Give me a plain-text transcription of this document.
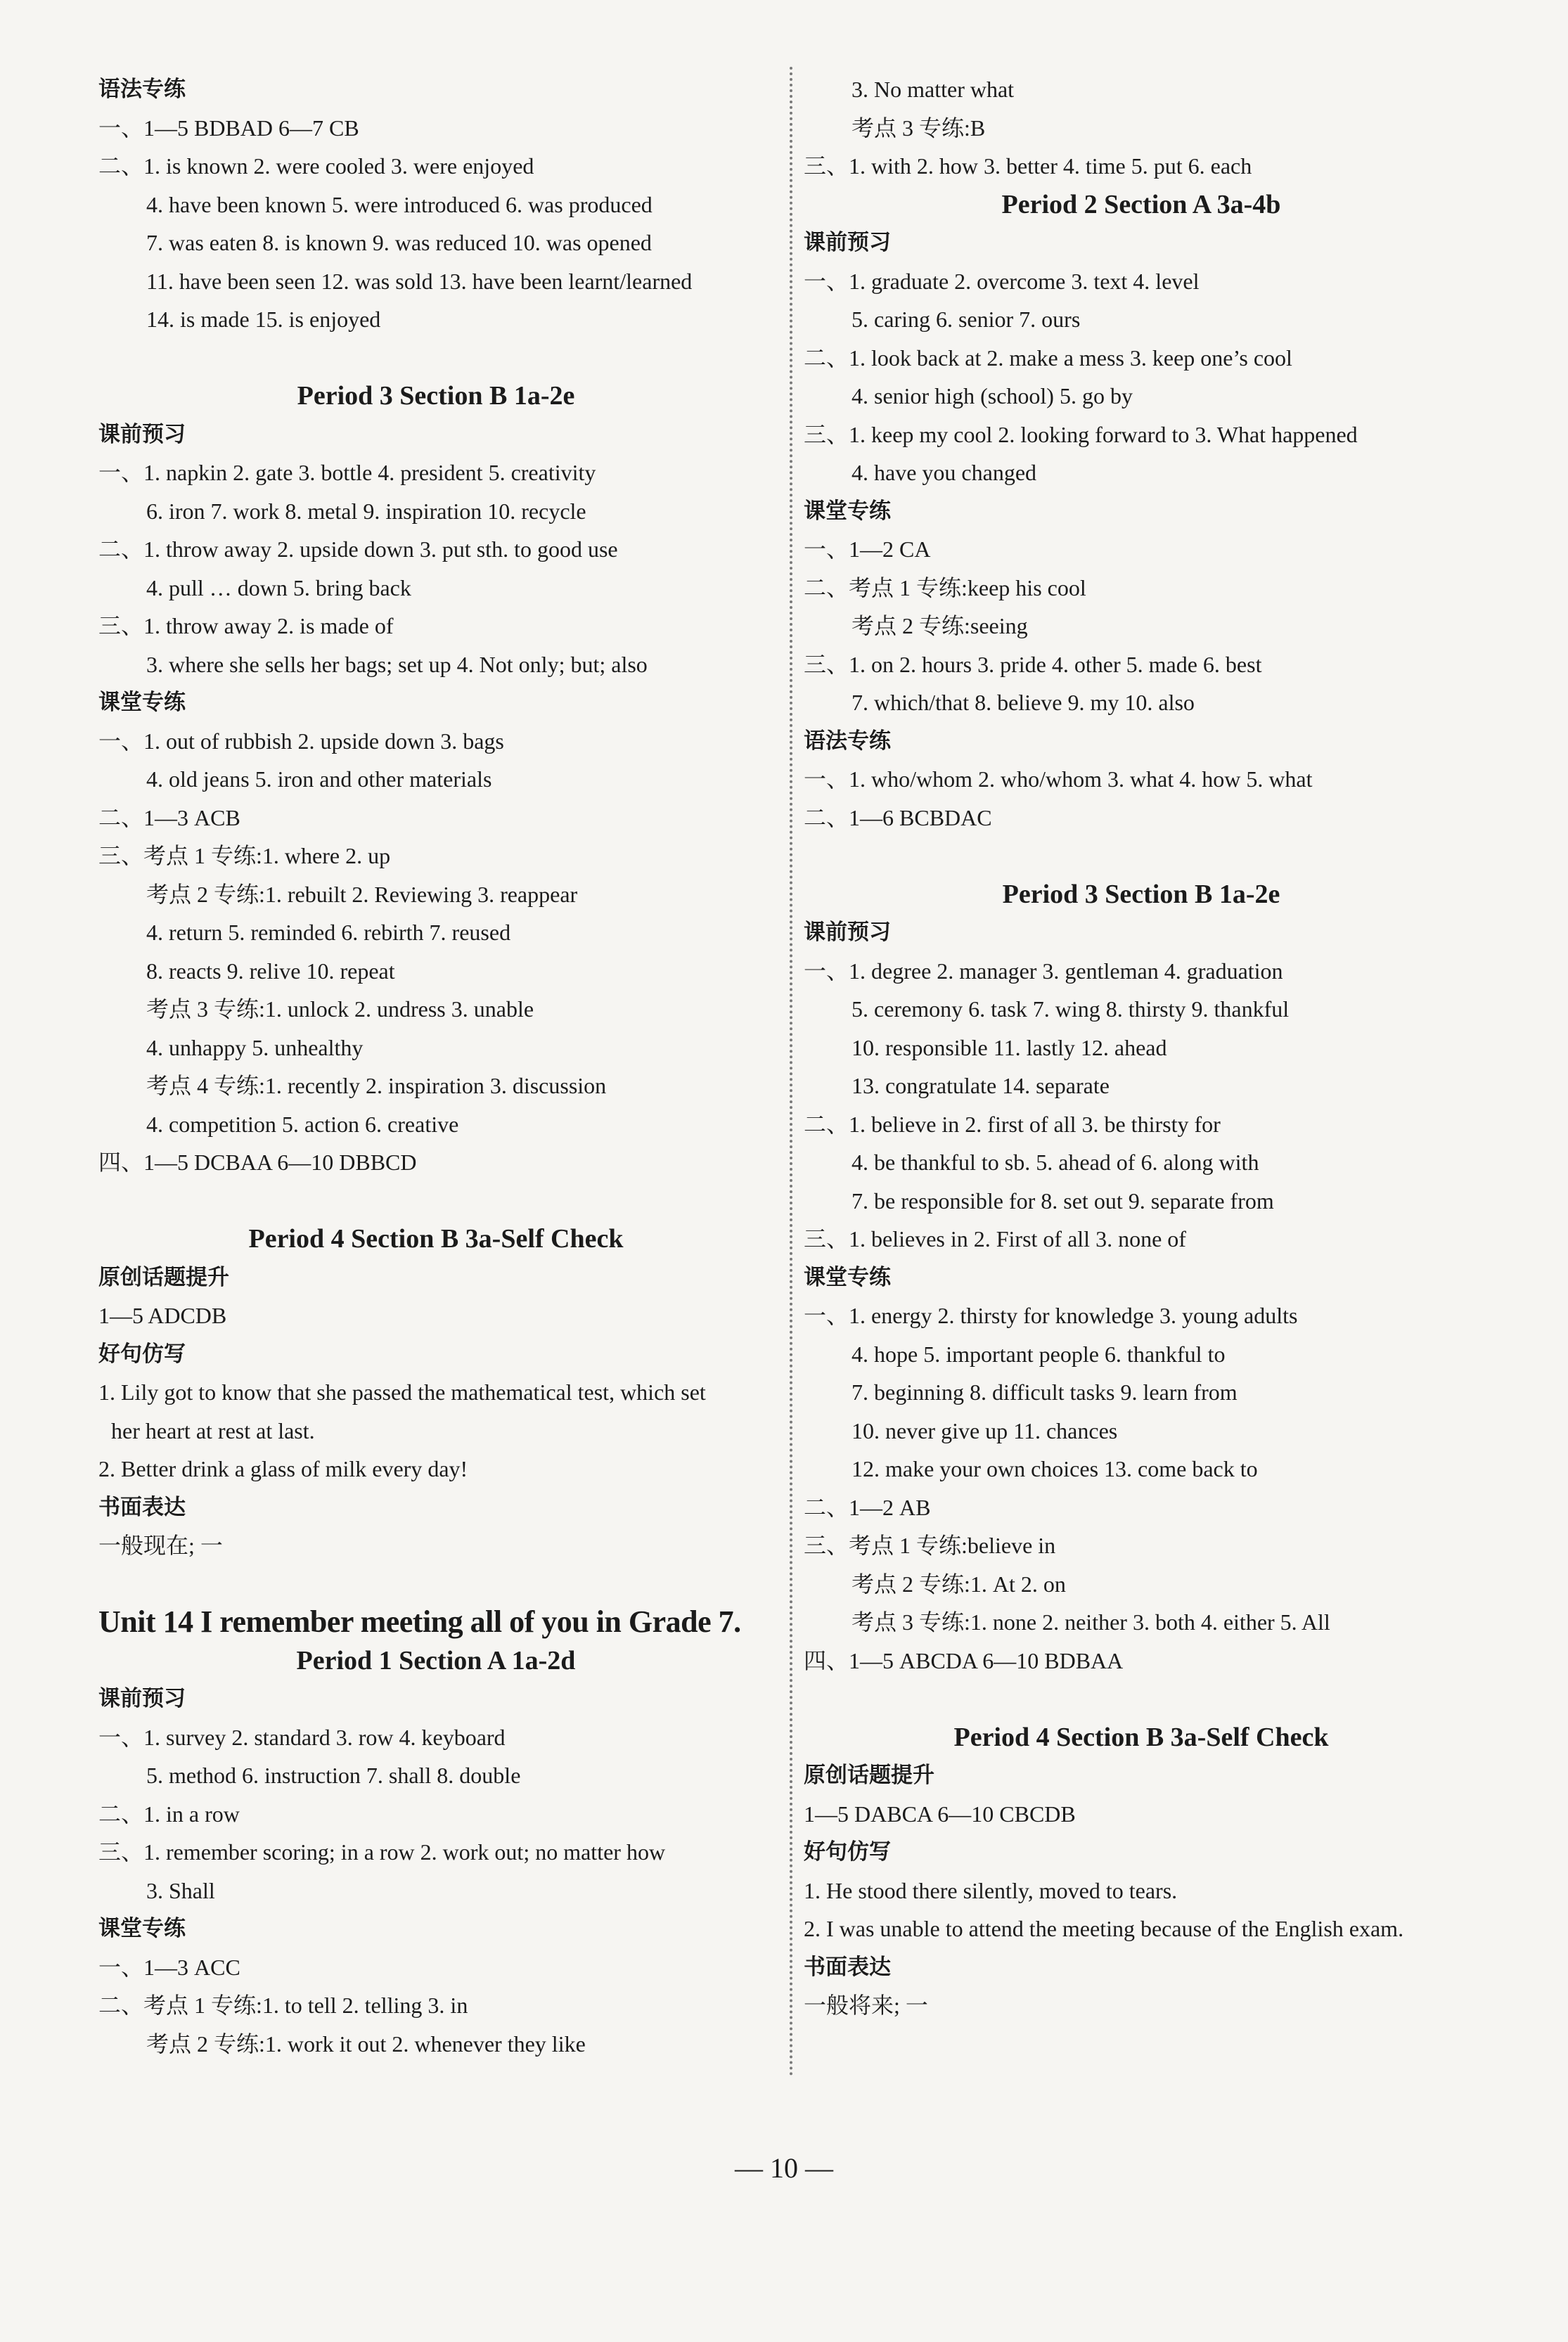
语法专练
一、1—5 BDBAD 6—7 CB
二、1. is known 2. were cooled 3. were enjoyed
4. have been known 5. were introduced 6. was produced
7. was eaten 8. is known 9. was reduced 10. was opened
11. have been seen 12. was sold 13. have been learnt/learned
14. is made 15. is enjoyed
Period 3 Section B 1a-2e
课前预习
一、1. napkin 2. gate 3. bottle 4. president 5. creativity
6. iron 7. work 8. metal 9. inspiration 10. recycle
二、1. throw away 2. upside down 3. put sth. to good use
4. pull … down 5. bring back
三、1. throw away 2. is made of
3. where she sells her bags; set up 4. Not only; but; also
课堂专练
一、1. out of rubbish 2. upside down 3. bags
4. old jeans 5. iron and other materials
二、1—3 ACB
三、考点 1 专练:1. where 2. up
考点 2 专练:1. rebuilt 2. Reviewing 3. reappear
4. return 5. reminded 6. rebirth 7. reused
8. reacts 9. relive 10. repeat
考点 3 专练:1. unlock 2. undress 3. unable
4. unhappy 5. unhealthy
考点 4 专练:1. recently 2. inspiration 3. discussion
4. competition 5. action 6. creative
四、1—5 DCBAA 6—10 DBBCD
Period 4 Section B 3a-Self Check
原创话题提升
1—5 ADCDB
好句仿写
1. Lily got to know that she passed the mathematical test, which set
her heart at rest at last.
2. Better drink a glass of milk every day!
书面表达
一般现在; 一
Unit 14 I remember meeting all of you in Grade 7.
Period 1 Section A 1a-2d
课前预习
一、1. survey 2. standard 3. row 4. keyboard
5. method 6. instruction 7. shall 8. double
二、1. in a row
三、1. remember scoring; in a row 2. work out; no matter how
3. Shall
课堂专练
一、1—3 ACC
二、考点 1 专练:1. to tell 2. telling 3. in
考点 2 专练:1. work it out 2. whenever they like
3. No matter what
考点 3 专练:B
三、1. with 2. how 3. better 4. time 5. put 6. each
Period 2 Section A 3a-4b
课前预习
一、1. graduate 2. overcome 3. text 4. level
5. caring 6. senior 7. ours
二、1. look back at 2. make a mess 3. keep one’s cool
4. senior high (school) 5. go by
三、1. keep my cool 2. looking forward to 3. What happened
4. have you changed
课堂专练
一、1—2 CA
二、考点 1 专练:keep his cool
考点 2 专练:seeing
三、1. on 2. hours 3. pride 4. other 5. made 6. best
7. which/that 8. believe 9. my 10. also
语法专练
一、1. who/whom 2. who/whom 3. what 4. how 5. what
二、1—6 BCBDAC
Period 3 Section B 1a-2e
课前预习
一、1. degree 2. manager 3. gentleman 4. graduation
5. ceremony 6. task 7. wing 8. thirsty 9. thankful
10. responsible 11. lastly 12. ahead
13. congratulate 14. separate
二、1. believe in 2. first of all 3. be thirsty for
4. be thankful to sb. 5. ahead of 6. along with
7. be responsible for 8. set out 9. separate from
三、1. believes in 2. First of all 3. none of
课堂专练
一、1. energy 2. thirsty for knowledge 3. young adults
4. hope 5. important people 6. thankful to
7. beginning 8. difficult tasks 9. learn from
10. never give up 11. chances
12. make your own choices 13. come back to
二、1—2 AB
三、考点 1 专练:believe in
考点 2 专练:1. At 2. on
考点 3 专练:1. none 2. neither 3. both 4. either 5. All
四、1—5 ABCDA 6—10 BDBAA
Period 4 Section B 3a-Self Check
原创话题提升
1—5 DABCA 6—10 CBCDB
好句仿写
1. He stood there silently, moved to tears.
2. I was unable to attend the meeting because of the English exam.
书面表达
一般将来; 一
— 10 —
